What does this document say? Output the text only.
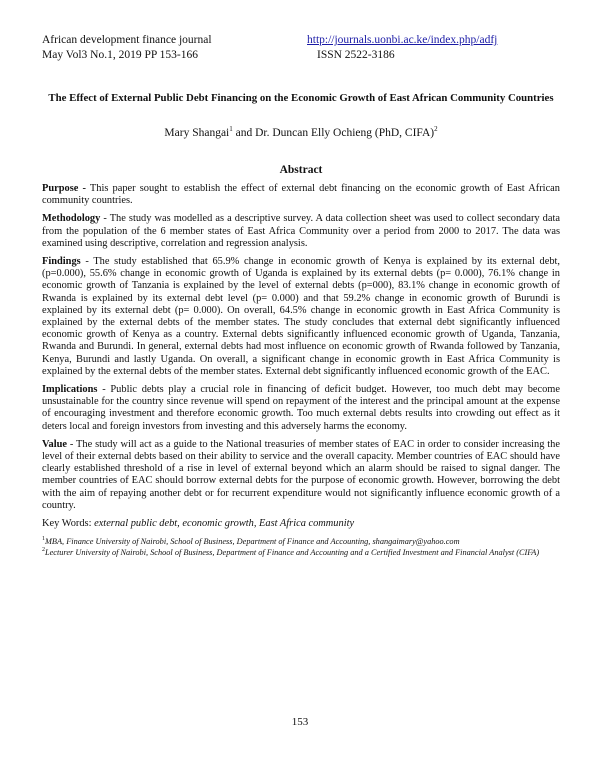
African development finance journal
May Vol3 No.1, 2019 PP 153-166
http://journals.uonbi.ac.ke/index.php/adfj
ISSN 2522-3186
The Effect of External Public Debt Financing on the Economic Growth of East African Community Countries
Mary Shangai$^1$ and Dr. Duncan Elly Ochieng (PhD, CIFA)$^2$
Abstract

Purpose - This paper sought to establish the effect of external debt financing on the economic growth of East African community countries.

Methodology - The study was modelled as a descriptive survey. A data collection sheet was used to collect secondary data from the population of the 6 member states of East Africa Community over a period from 2000 to 2017. The data was examined using descriptive, correlation and regression analysis.

Findings - The study established that 65.9% change in economic growth of Kenya is explained by its external debt, (p=0.000), 55.6% change in economic growth of Uganda is explained by its external debts (p= 0.000), 76.1% change in economic growth of Tanzania is explained by the level of external debts (p=000), 83.1% change in economic growth of Rwanda is explained by its external debt level (p= 0.000) and that 59.2% change in economic growth of Burundi is explained by its external debt (p= 0.000). On overall, 64.5% change in economic growth in East Africa Community is explained by the external debts of the member states. The study concludes that external debt significantly influenced economic growth of Kenya as a country. External debts significantly influenced economic growth of Uganda, Tanzania, Rwanda and Burundi. In general, external debts had most influence on economic growth of Rwanda followed by Tanzania, Kenya, Burundi and lastly Uganda. On overall, a significant change in economic growth in East Africa Community is explained by the external debts of the member states. External debt significantly influenced economic growth of the EAC.

Implications - Public debts play a crucial role in financing of deficit budget. However, too much debt may become unsustainable for the country since revenue will spend on repayment of the interest and the principal amount at the expense of encouraging investment and therefore economic growth. Too much external debts results into crowding out effect as it deters local and foreign investors from investing and this adversely harms the economy.

Value - The study will act as a guide to the National treasuries of member states of EAC in order to consider increasing the level of their external debts based on their ability to service and the overall capacity. Member countries of EAC should have clearly established threshold of a rise in level of external beyond which an alarm should be raised to signal danger. The member countries of EAC should borrow external debts for the purpose of economic growth. However, borrowing the debt with the aim of repaying another debt or for recurrent expenditure would not significantly influence economic growth of a country.

Key Words: external public debt, economic growth, East Africa community

$^1$MBA, Finance University of Nairobi, School of Business, Department of Finance and Accounting, shangaimary@yahoo.com
$^2$Lecturer University of Nairobi, School of Business, Department of Finance and Accounting and a Certified Investment and Financial Analyst (CIFA)
153
